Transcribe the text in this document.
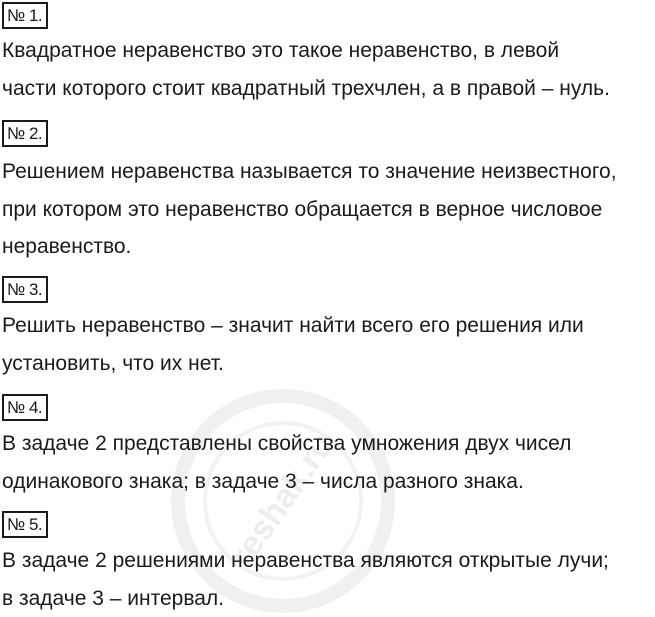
№ 1.
Квадратное неравенство это такое неравенство, в левой
части которого стоит квадратный трехчлен, а в правой – нуль.
№ 2.
Решением неравенства называется то значение неизвестного,
при котором это неравенство обращается в верное числовое
неравенство.
№ 3.
Решить неравенство – значит найти всего его решения или
установить, что их нет.
№ 4.
В задаче 2 представлены свойства умножения двух чисел
одинакового знака; в задаче 3 – числа разного знака.
№ 5.
В задаче 2 решениями неравенства являются открытые лучи;
в задаче 3 – интервал.
reshak.ru
